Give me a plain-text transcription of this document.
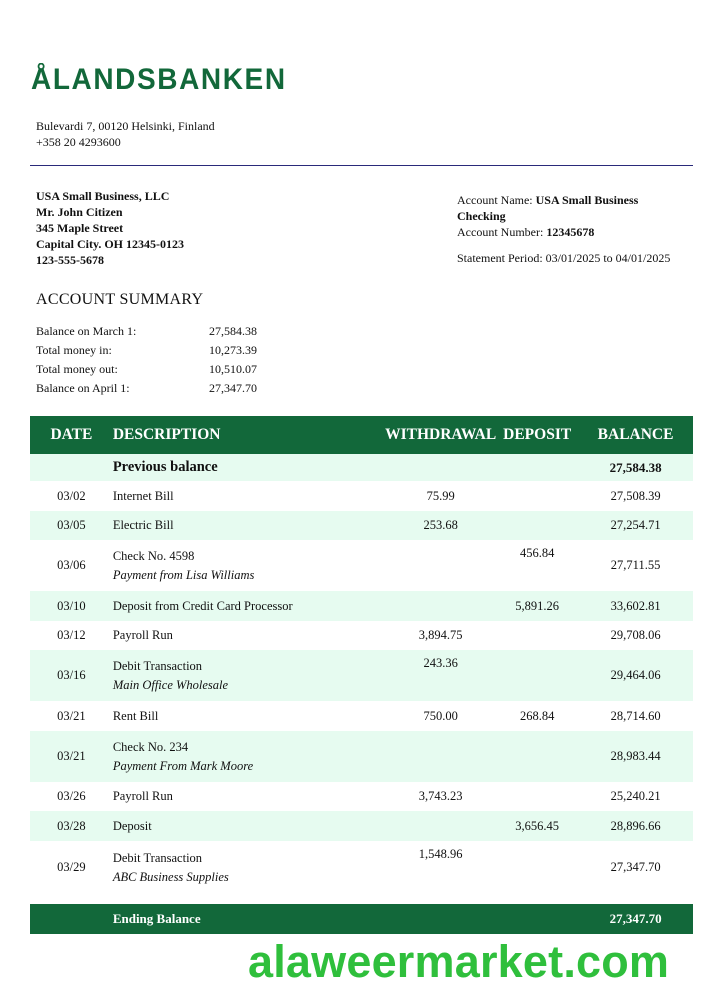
ÅLANDSBANKEN
Bulevardi 7, 00120 Helsinki, Finland
+358 20 4293600
USA Small Business, LLC
Mr. John Citizen
345 Maple Street
Capital City. OH 12345-0123
123-555-5678
Account Name: USA Small Business Checking
Account Number: 12345678
Statement Period: 03/01/2025 to 04/01/2025
ACCOUNT SUMMARY
Balance on March 1:	27,584.38
Total money in:	10,273.39
Total money out:	10,510.07
Balance on April 1:	27,347.70
DATE	DESCRIPTION	WITHDRAWAL	DEPOSIT	BALANCE
	Previous balance			27,584.38
03/02	Internet Bill	75.99		27,508.39
03/05	Electric Bill	253.68		27,254.71
03/06	Check No. 4598
Payment from Lisa Williams		456.84	27,711.55
03/10	Deposit from Credit Card Processor		5,891.26	33,602.81
03/12	Payroll Run	3,894.75		29,708.06
03/16	Debit Transaction
Main Office Wholesale	243.36		29,464.06
03/21	Rent Bill	750.00	268.84	28,714.60
03/21	Check No. 234
Payment From Mark Moore			28,983.44
03/26	Payroll Run	3,743.23		25,240.21
03/28	Deposit		3,656.45	28,896.66
03/29	Debit Transaction
ABC Business Supplies	1,548.96		27,347.70

	Ending Balance			27,347.70
alaweermarket.com
